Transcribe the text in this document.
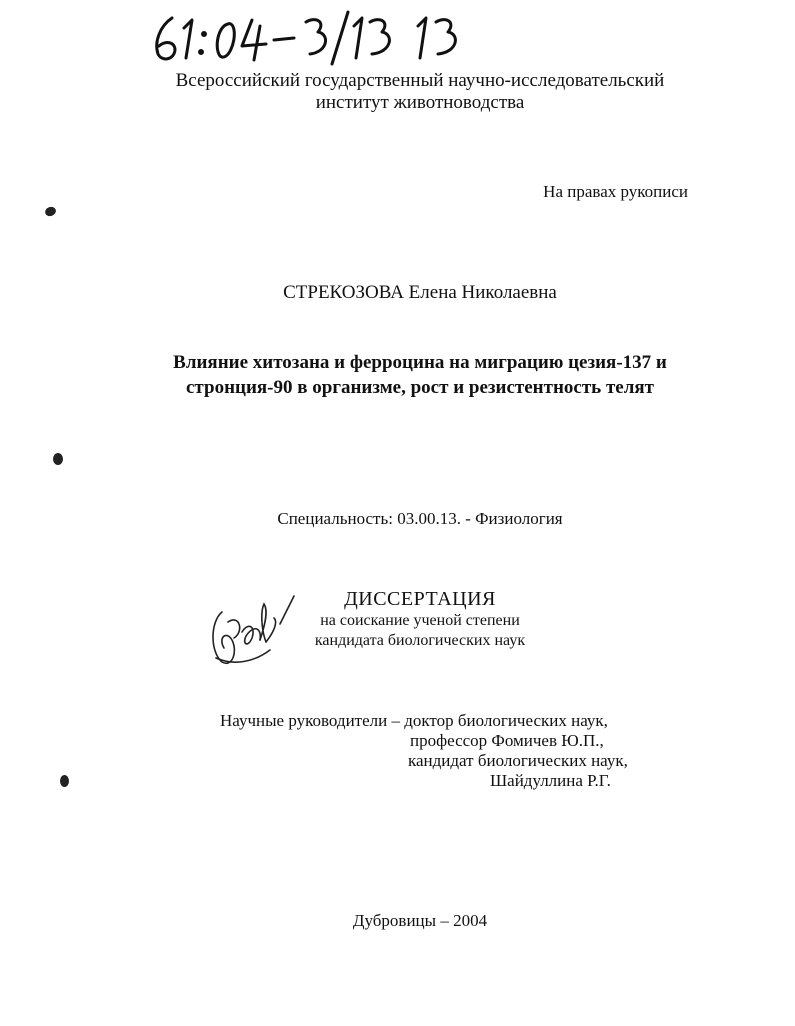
Всероссийский государственный научно-исследовательский
институт животноводства
На правах рукописи
СТРЕКОЗОВА Елена Николаевна
Влияние хитозана и ферроцина на миграцию цезия-137 и
стронция-90 в организме, рост и резистентность телят
Специальность: 03.00.13. - Физиология
ДИССЕРТАЦИЯ
на соискание ученой степени
кандидата биологических наук
Научные руководители – доктор биологических наук,
профессор Фомичев Ю.П.,
кандидат биологических наук,
Шайдуллина Р.Г.
Дубровицы – 2004
